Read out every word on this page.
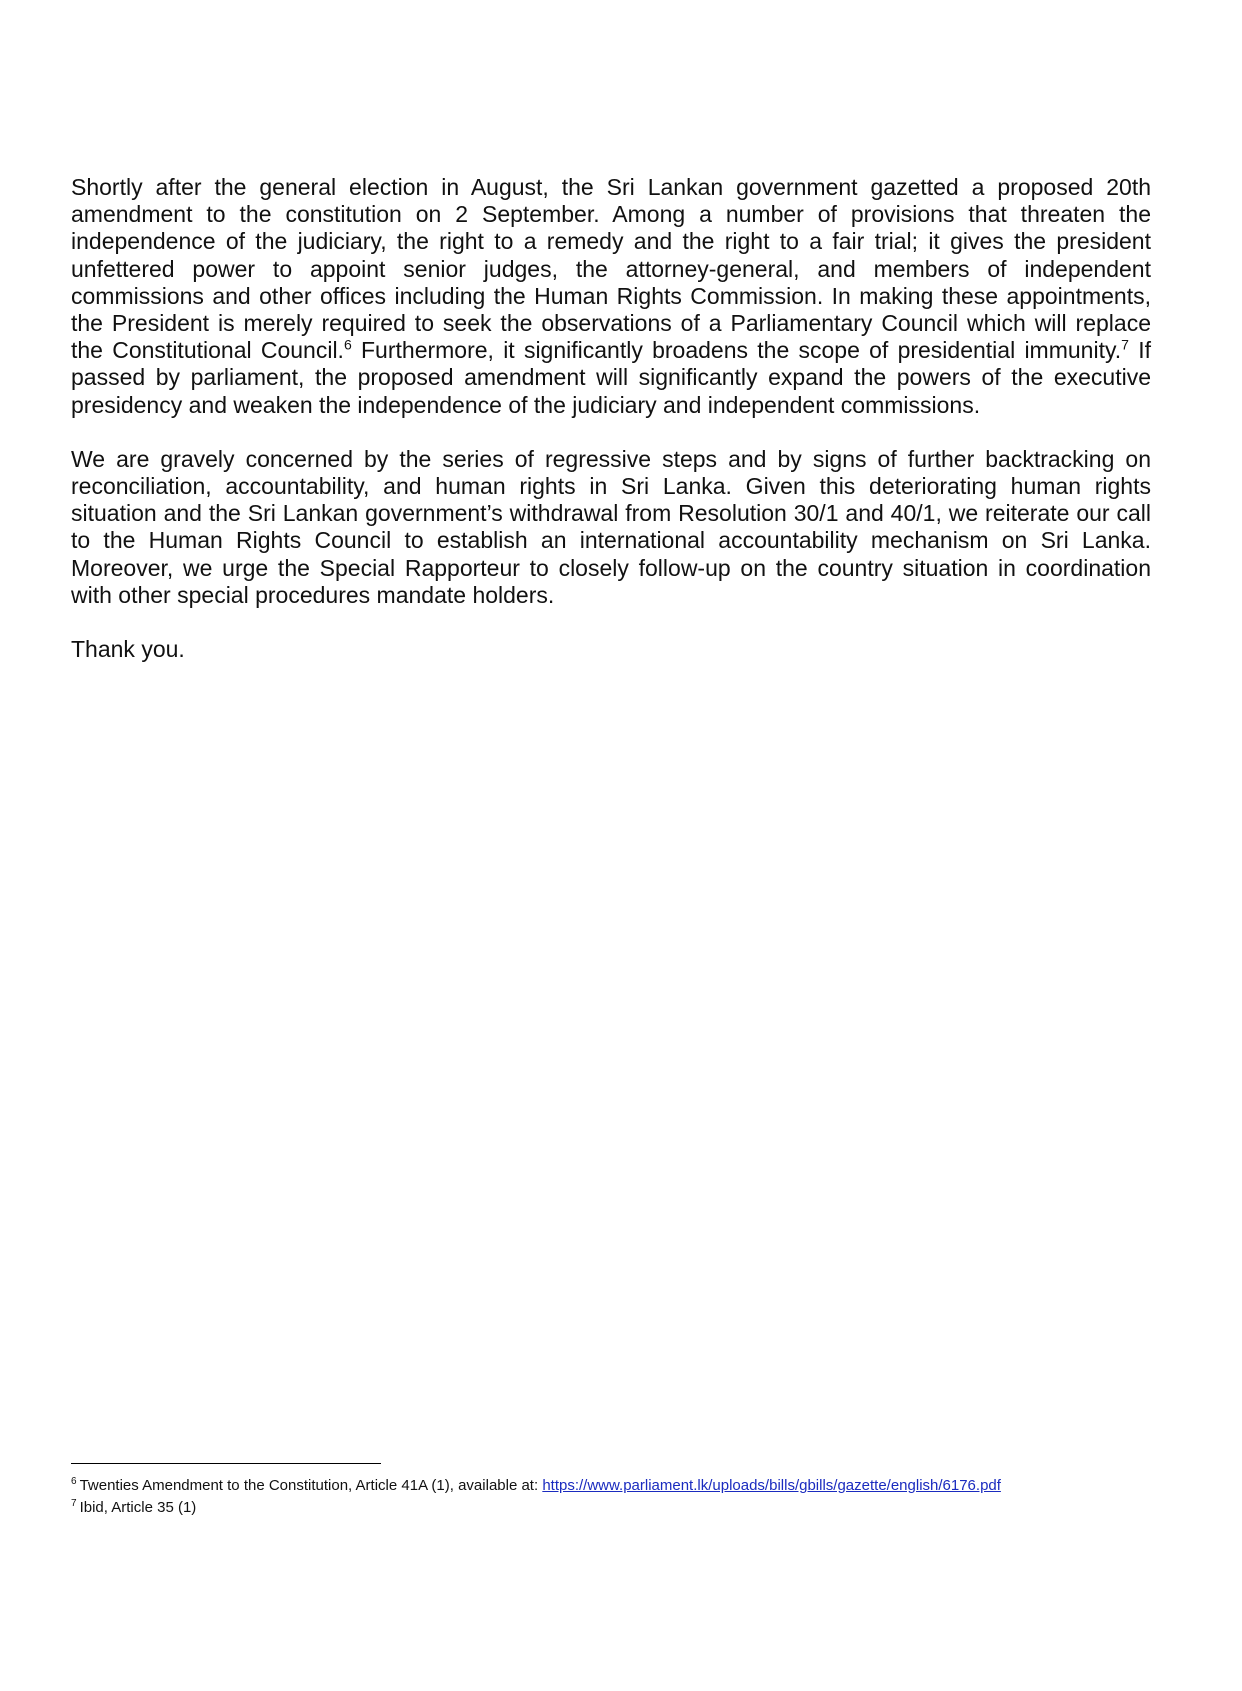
Shortly after the general election in August, the Sri Lankan government gazetted a proposed 20th amendment to the constitution on 2 September. Among a number of provisions that threaten the independence of the judiciary, the right to a remedy and the right to a fair trial; it gives the president unfettered power to appoint senior judges, the attorney-general, and members of independent commissions and other offices including the Human Rights Commission. In making these appointments, the President is merely required to seek the observations of a Parliamentary Council which will replace the Constitutional Council.$^6$ Furthermore, it significantly broadens the scope of presidential immunity.$^7$ If passed by parliament, the proposed amendment will significantly expand the powers of the executive presidency and weaken the independence of the judiciary and independent commissions.

We are gravely concerned by the series of regressive steps and by signs of further backtracking on reconciliation, accountability, and human rights in Sri Lanka. Given this deteriorating human rights situation and the Sri Lankan government’s withdrawal from Resolution 30/1 and 40/1, we reiterate our call to the Human Rights Council to establish an international accountability mechanism on Sri Lanka. Moreover, we urge the Special Rapporteur to closely follow-up on the country situation in coordination with other special procedures mandate holders.

Thank you.

$^6$ Twenties Amendment to the Constitution, Article 41A (1), available at: https://www.parliament.lk/uploads/bills/gbills/gazette/english/6176.pdf
$^7$ Ibid, Article 35 (1)
